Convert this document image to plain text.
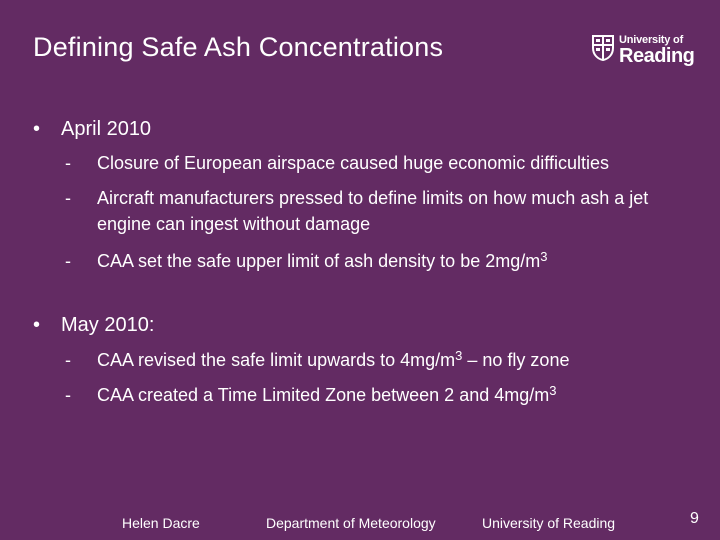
Defining Safe Ash Concentrations	University of
Reading
• April 2010
- Closure of European airspace caused huge economic difficulties
- Aircraft manufacturers pressed to define limits on how much ash a jet engine can ingest without damage
- CAA set the safe upper limit of ash density to be $2mg/m^3$
• May 2010:
- CAA revised the safe limit upwards to $4mg/m^3$ – no fly zone
- CAA created a Time Limited Zone between 2 and $4mg/m^3$
Helen Dacre	Department of Meteorology	University of Reading	9
